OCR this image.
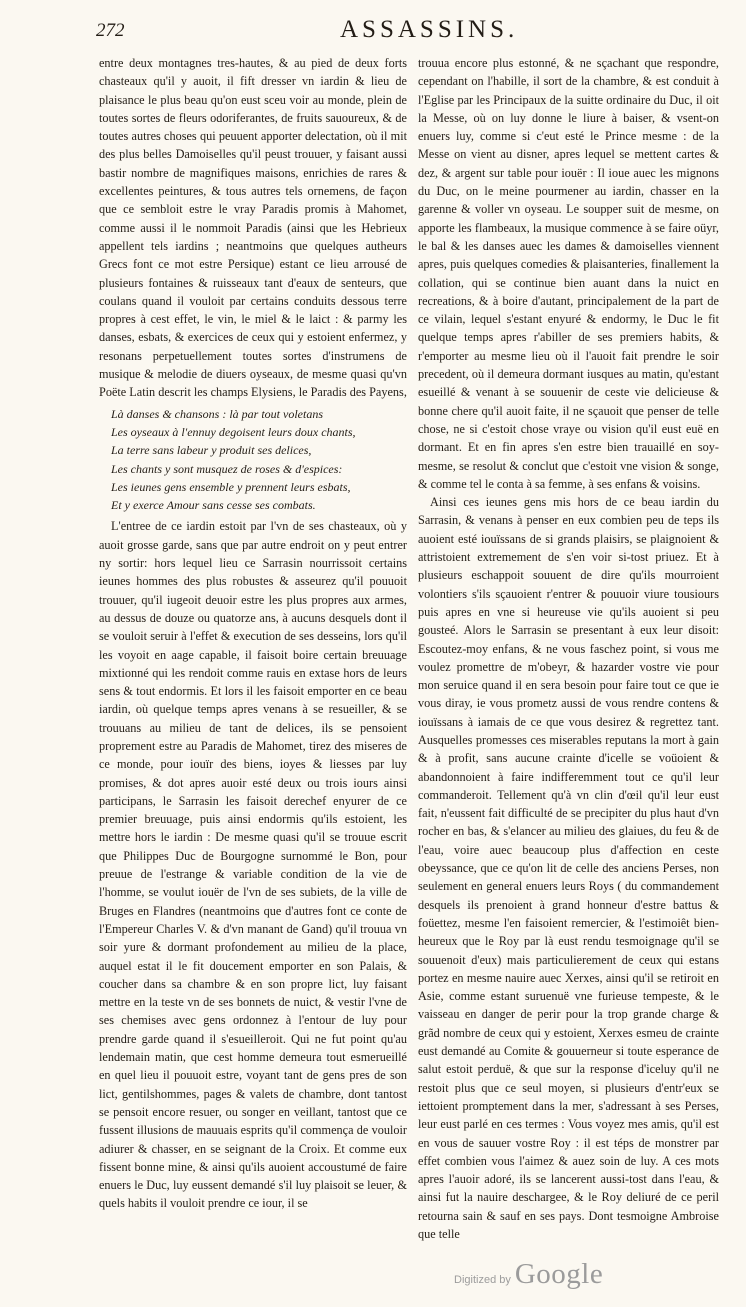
272	ASSASSINS.

entre deux montagnes tres-hautes, & au pied de deux forts chasteaux qu'il y auoit, il fift dresser vn iardin & lieu de plaisance le plus beau qu'on eust sceu voir au monde, plein de toutes sortes de fleurs odoriferantes, de fruits sauoureux, & de toutes autres choses qui peuuent apporter delectation, où il mit des plus belles Damoiselles qu'il peust trouuer, y faisant aussi bastir nombre de magnifiques maisons, enrichies de rares & excellentes peintures, & tous autres tels ornemens, de façon que ce sembloit estre le vray Paradis promis à Mahomet, comme aussi il le nommoit Paradis (ainsi que les Hebrieux appellent tels iardins ; neantmoins que quelques autheurs Grecs font ce mot estre Persique) estant ce lieu arrousé de plusieurs fontaines & ruisseaux tant d'eaux de senteurs, que coulans quand il vouloit par certains conduits dessous terre propres à cest effet, le vin, le miel & le laict : & parmy les danses, esbats, & exercices de ceux qui y estoient enfermez, y resonans perpetuellement toutes sortes d'instrumens de musique & melodie de diuers oyseaux, de mesme quasi qu'vn Poëte Latin descrit les champs Elysiens, le Paradis des Payens,

Là danses & chansons : là par tout voletans
Les oyseaux à l'ennuy degoisent leurs doux chants,
La terre sans labeur y produit ses delices,
Les chants y sont musquez de roses & d'espices:
Les ieunes gens ensemble y prennent leurs esbats,
Et y exerce Amour sans cesse ses combats.

L'entree de ce iardin estoit par l'vn de ses chasteaux, où y auoit grosse garde, sans que par autre endroit on y peut entrer ny sortir: hors lequel lieu ce Sarrasin nourrissoit certains ieunes hommes des plus robustes & asseurez qu'il pouuoit trouuer, qu'il iugeoit deuoir estre les plus propres aux armes, au dessus de douze ou quatorze ans, à aucuns desquels dont il se vouloit seruir à l'effet & execution de ses desseins, lors qu'il les voyoit en aage capable, il faisoit boire certain breuuage mixtionné qui les rendoit comme rauis en extase hors de leurs sens & tout endormis. Et lors il les faisoit emporter en ce beau iardin, où quelque temps apres venans à se resueiller, & se trouuans au milieu de tant de delices, ils se pensoient proprement estre au Paradis de Mahomet, tirez des miseres de ce monde, pour iouïr des biens, ioyes & liesses par luy promises, & dot apres auoir esté deux ou trois iours ainsi participans, le Sarrasin les faisoit derechef enyurer de ce premier breuuage, puis ainsi endormis qu'ils estoient, les mettre hors le iardin : De mesme quasi qu'il se trouue escrit que Philippes Duc de Bourgogne surnommé le Bon, pour preuue de l'estrange & variable condition de la vie de l'homme, se voulut iouër de l'vn de ses subiets, de la ville de Bruges en Flandres (neantmoins que d'autres font ce conte de l'Empereur Charles V. & d'vn manant de Gand) qu'il trouua vn soir yure & dormant profondement au milieu de la place, auquel estat il le fit doucement emporter en son Palais, & coucher dans sa chambre & en son propre lict, luy faisant mettre en la teste vn de ses bonnets de nuict, & vestir l'vne de ses chemises avec gens ordonnez à l'entour de luy pour prendre garde quand il s'esueilleroit. Qui ne fut point qu'au lendemain matin, que cest homme demeura tout esmerueillé en quel lieu il pouuoit estre, voyant tant de gens pres de son lict, gentilshommes, pages & valets de chambre, dont tantost se pensoit encore resuer, ou songer en veillant, tantost que ce fussent illusions de mauuais esprits qu'il commença de vouloir adiurer & chasser, en se seignant de la Croix. Et comme eux fissent bonne mine, & ainsi qu'ils auoient accoustumé de faire enuers le Duc, luy eussent demandé s'il luy plaisoit se leuer, & quels habits il vouloit prendre ce iour, il se

trouua encore plus estonné, & ne sçachant que respondre, cependant on l'habille, il sort de la chambre, & est conduit à l'Eglise par les Principaux de la suitte ordinaire du Duc, il oit la Messe, où on luy donne le liure à baiser, & vsent-on enuers luy, comme si c'eut esté le Prince mesme : de la Messe on vient au disner, apres lequel se mettent cartes & dez, & argent sur table pour iouër : Il ioue auec les mignons du Duc, on le meine pourmener au iardin, chasser en la garenne & voller vn oyseau. Le soupper suit de mesme, on apporte les flambeaux, la musique commence à se faire oüyr, le bal & les danses auec les dames & damoiselles viennent apres, puis quelques comedies & plaisanteries, finallement la collation, qui se continue bien auant dans la nuict en recreations, & à boire d'autant, principalement de la part de ce vilain, lequel s'estant enyuré & endormy, le Duc le fit quelque temps apres r'abiller de ses premiers habits, & r'emporter au mesme lieu où il l'auoit fait prendre le soir precedent, où il demeura dormant iusques au matin, qu'estant esueillé & venant à se souuenir de ceste vie delicieuse & bonne chere qu'il auoit faite, il ne sçauoit que penser de telle chose, ne si c'estoit chose vraye ou vision qu'il eust euë en dormant. Et en fin apres s'en estre bien trauaillé en soy-mesme, se resolut & conclut que c'estoit vne vision & songe, & comme tel le conta à sa femme, à ses enfans & voisins.

Ainsi ces ieunes gens mis hors de ce beau iardin du Sarrasin, & venans à penser en eux combien peu de teps ils auoient esté iouïssans de si grands plaisirs, se plaignoient & attristoient extremement de s'en voir si-tost priuez. Et à plusieurs eschappoit souuent de dire qu'ils mourroient volontiers s'ils sçauoient r'entrer & pouuoir viure tousiours puis apres en vne si heureuse vie qu'ils auoient si peu gousteé. Alors le Sarrasin se presentant à eux leur disoit: Escoutez-moy enfans, & ne vous faschez point, si vous me voulez promettre de m'obeyr, & hazarder vostre vie pour mon seruice quand il en sera besoin pour faire tout ce que ie vous diray, ie vous prometz aussi de vous rendre contens & iouïssans à iamais de ce que vous desirez & regrettez tant. Ausquelles promesses ces miserables reputans la mort à gain & à profit, sans aucune crainte d'icelle se voüoient & abandonnoient à faire indifferemment tout ce qu'il leur commanderoit. Tellement qu'à vn clin d'œil qu'il leur eust fait, n'eussent fait difficulté de se precipiter du plus haut d'vn rocher en bas, & s'elancer au milieu des glaiues, du feu & de l'eau, voire auec beaucoup plus d'affection en ceste obeyssance, que ce qu'on lit de celle des anciens Perses, non seulement en general enuers leurs Roys ( du commandement desquels ils prenoient à grand honneur d'estre battus & foüettez, mesme l'en faisoient remercier, & l'estimoiêt bien-heureux que le Roy par là eust rendu tesmoignage qu'il se souuenoit d'eux) mais particulierement de ceux qui estans portez en mesme nauire auec Xerxes, ainsi qu'il se retiroit en Asie, comme estant suruenuë vne furieuse tempeste, & le vaisseau en danger de perir pour la trop grande charge & grãd nombre de ceux qui y estoient, Xerxes esmeu de crainte eust demandé au Comite & gouuerneur si toute esperance de salut estoit perduë, & que sur la response d'iceluy qu'il ne restoit plus que ce seul moyen, si plusieurs d'entr'eux se iettoient promptement dans la mer, s'adressant à ses Perses, leur eust parlé en ces termes : Vous voyez mes amis, qu'il est en vous de sauuer vostre Roy : il est téps de monstrer par effet combien vous l'aimez & auez soin de luy. A ces mots apres l'auoir adoré, ils se lancerent aussi-tost dans l'eau, & ainsi fut la nauire deschargee, & le Roy deliuré de ce peril retourna sain & sauf en ses pays. Dont tesmoigne Ambroise que telle

Digitized by Google
